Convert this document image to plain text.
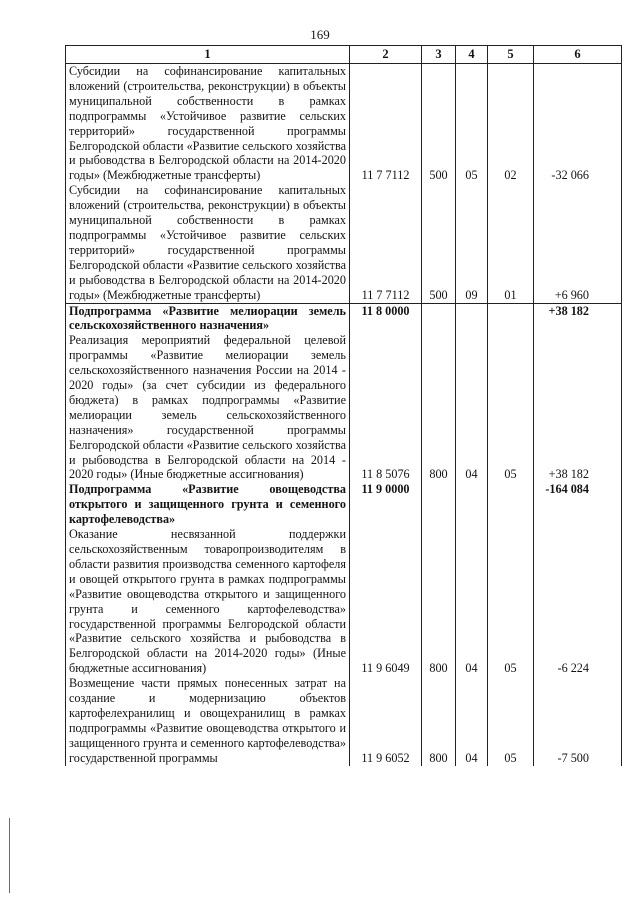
169
1	2	3	4	5	6
Субсидии на софинансирование капитальных вложений (строительства, реконструкции) в объекты муниципальной собственности в рамках подпрограммы «Устойчивое развитие сельских территорий» государственной программы Белгородской области «Развитие сельского хозяйства и рыбоводства в Белгородской области на 2014-2020 годы» (Межбюджетные трансферты)	11 7 7112	500	05	02	-32 066
Субсидии на софинансирование капитальных вложений (строительства, реконструкции) в объекты муниципальной собственности в рамках подпрограммы «Устойчивое развитие сельских территорий» государственной программы Белгородской области «Развитие сельского хозяйства и рыбоводства в Белгородской области на 2014-2020 годы» (Межбюджетные трансферты)	11 7 7112	500	09	01	+6 960
Подпрограмма «Развитие мелиорации земель сельскохозяйственного назначения»	11 8 0000				+38 182
Реализация мероприятий федеральной целевой программы «Развитие мелиорации земель сельскохозяйственного назначения России на 2014 - 2020 годы» (за счет субсидии из федерального бюджета) в рамках подпрограммы «Развитие мелиорации земель сельскохозяйственного назначения» государственной программы Белгородской области «Развитие сельского хозяйства и рыбоводства в Белгородской области на 2014 - 2020 годы» (Иные бюджетные ассигнования)	11 8 5076	800	04	05	+38 182
Подпрограмма «Развитие овощеводства открытого и защищенного грунта и семенного картофелеводства»	11 9 0000				-164 084
Оказание несвязанной поддержки сельскохозяйственным товаропроизводителям в области развития производства семенного картофеля и овощей открытого грунта в рамках подпрограммы «Развитие овощеводства открытого и защищенного грунта и семенного картофелеводства» государственной программы Белгородской области «Развитие сельского хозяйства и рыбоводства в Белгородской области на 2014-2020 годы» (Иные бюджетные ассигнования)	11 9 6049	800	04	05	-6 224
Возмещение части прямых понесенных затрат на создание и модернизацию объектов картофелехранилищ и овощехранилищ в рамках подпрограммы «Развитие овощеводства открытого и защищенного грунта и семенного картофелеводства» государственной программы	11 9 6052	800	04	05	-7 500
